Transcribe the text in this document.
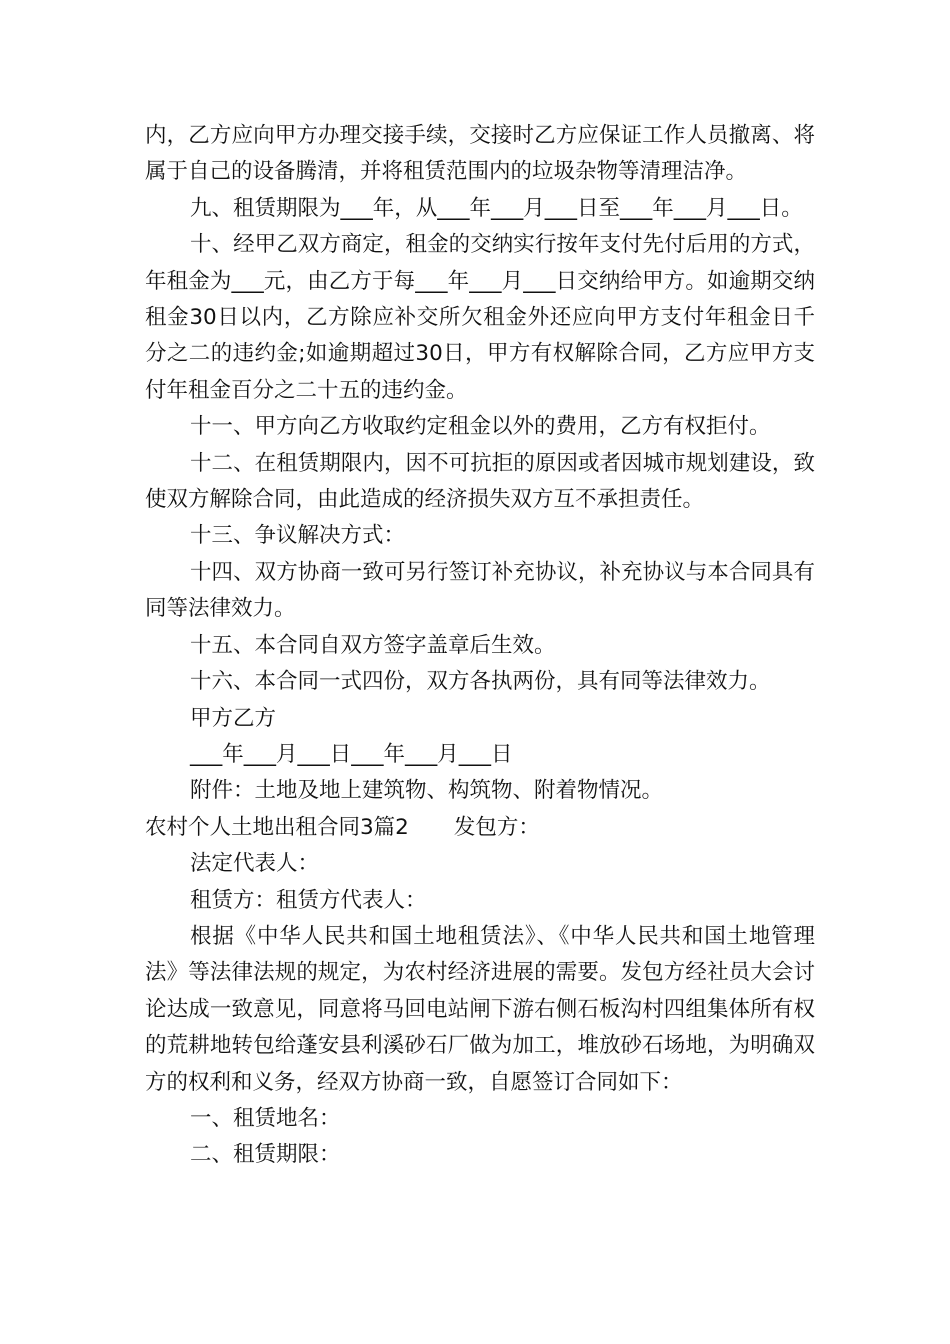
内，乙方应向甲方办理交接手续，交接时乙方应保证工作人员撤离、将属于自己的设备腾清，并将租赁范围内的垃圾杂物等清理洁净。

九、租赁期限为___年，从___年___月___日至___年___月___日。

十、经甲乙双方商定，租金的交纳实行按年支付先付后用的方式，年租金为___元，由乙方于每___年___月___日交纳给甲方。如逾期交纳租金30日以内，乙方除应补交所欠租金外还应向甲方支付年租金日千分之二的违约金;如逾期超过30日，甲方有权解除合同，乙方应甲方支付年租金百分之二十五的违约金。

十一、甲方向乙方收取约定租金以外的费用，乙方有权拒付。

十二、在租赁期限内，因不可抗拒的原因或者因城市规划建设，致使双方解除合同，由此造成的经济损失双方互不承担责任。

十三、争议解决方式：

十四、双方协商一致可另行签订补充协议，补充协议与本合同具有同等法律效力。

十五、本合同自双方签字盖章后生效。

十六、本合同一式四份，双方各执两份，具有同等法律效力。

甲方乙方

___年___月___日___年___月___日

附件：土地及地上建筑物、构筑物、附着物情况。

农村个人土地出租合同3篇2 发包方：

法定代表人：

租赁方：租赁方代表人：

根据《中华人民共和国土地租赁法》、《中华人民共和国土地管理法》等法律法规的规定，为农村经济进展的需要。发包方经社员大会讨论达成一致意见，同意将马回电站闸下游右侧石板沟村四组集体所有权的荒耕地转包给蓬安县利溪砂石厂做为加工，堆放砂石场地，为明确双方的权利和义务，经双方协商一致，自愿签订合同如下：

一、租赁地名：

二、租赁期限：
